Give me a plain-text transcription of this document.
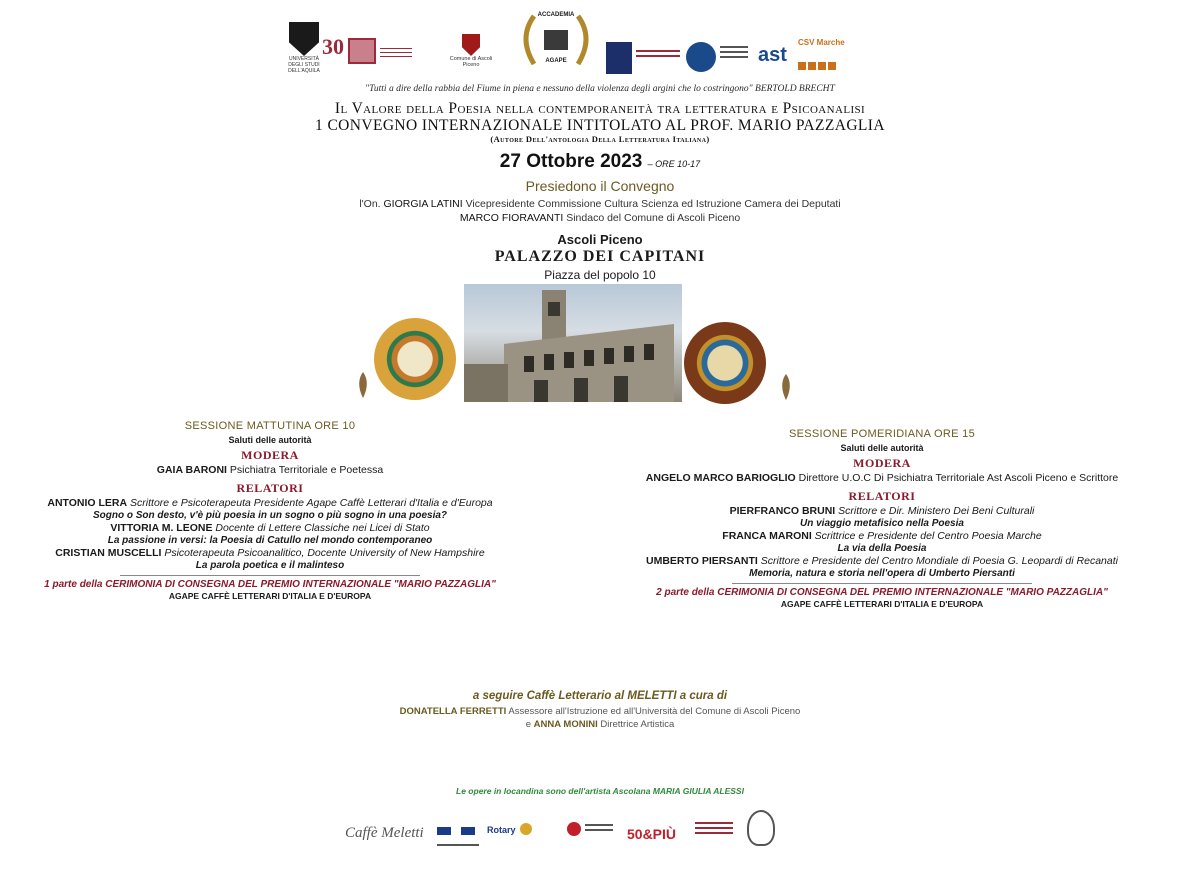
UNIVERSITÀ DEGLI STUDI DELL'AQUILA
30	Comune di Ascoli Piceno
ACCADEMIA
AGAPE	ast
CSV Marche
"Tutti a dire della rabbia del Fiume in piena e nessuno della violenza degli argini che lo costringono" BERTOLD BRECHT
Il Valore della Poesia nella contemporaneità tra letteratura e Psicoanalisi
1 CONVEGNO INTERNAZIONALE INTITOLATO AL PROF. MARIO PAZZAGLIA
(Autore Dell'antologia Della Letteratura Italiana)
27 Ottobre 2023 – ORE 10-17
Presiedono il Convegno
l'On. GIORGIA LATINI Vicepresidente Commissione Cultura Scienza ed Istruzione Camera dei Deputati
MARCO FIORAVANTI Sindaco del Comune di Ascoli Piceno
Ascoli Piceno
PALAZZO DEI CAPITANI
Piazza del popolo 10
SESSIONE MATTUTINA ORE 10
Saluti delle autorità
MODERA
GAIA BARONI Psichiatra Territoriale e Poetessa
RELATORI
ANTONIO LERA Scrittore e Psicoterapeuta Presidente Agape Caffè Letterari d'Italia e d'Europa
Sogno o Son desto, v'è più poesia in un sogno o più sogno in una poesia?
VITTORIA M. LEONE Docente di Lettere Classiche nei Licei di Stato
La passione in versi: la Poesia di Catullo nel mondo contemporaneo
CRISTIAN MUSCELLI Psicoterapeuta Psicoanalitico, Docente University of New Hampshire
La parola poetica e il malinteso
1 parte della CERIMONIA DI CONSEGNA DEL PREMIO INTERNAZIONALE "MARIO PAZZAGLIA"
AGAPE CAFFÈ LETTERARI D'ITALIA E D'EUROPA
SESSIONE POMERIDIANA ORE 15
Saluti delle autorità
MODERA
ANGELO MARCO BARIOGLIO Direttore U.O.C Di Psichiatra Territoriale Ast Ascoli Piceno e Scrittore
RELATORI
PIERFRANCO BRUNI Scrittore e Dir. Ministero Dei Beni Culturali
Un viaggio metafisico nella Poesia
FRANCA MARONI Scrittrice e Presidente del Centro Poesia Marche
La via della Poesia
UMBERTO PIERSANTI Scrittore e Presidente del Centro Mondiale di Poesia G. Leopardi di Recanati
Memoria, natura e storia nell'opera di Umberto Piersanti
2 parte della CERIMONIA DI CONSEGNA DEL PREMIO INTERNAZIONALE "MARIO PAZZAGLIA"
AGAPE CAFFÈ LETTERARI D'ITALIA E D'EUROPA
a seguire Caffè Letterario al MELETTI a cura di
DONATELLA FERRETTI Assessore all'Istruzione ed all'Università del Comune di Ascoli Piceno
e ANNA MONINI Direttrice Artistica
Le opere in locandina sono dell'artista Ascolana MARIA GIULIA ALESSI
Caffè Meletti
	Rotary	50&PIÙ
